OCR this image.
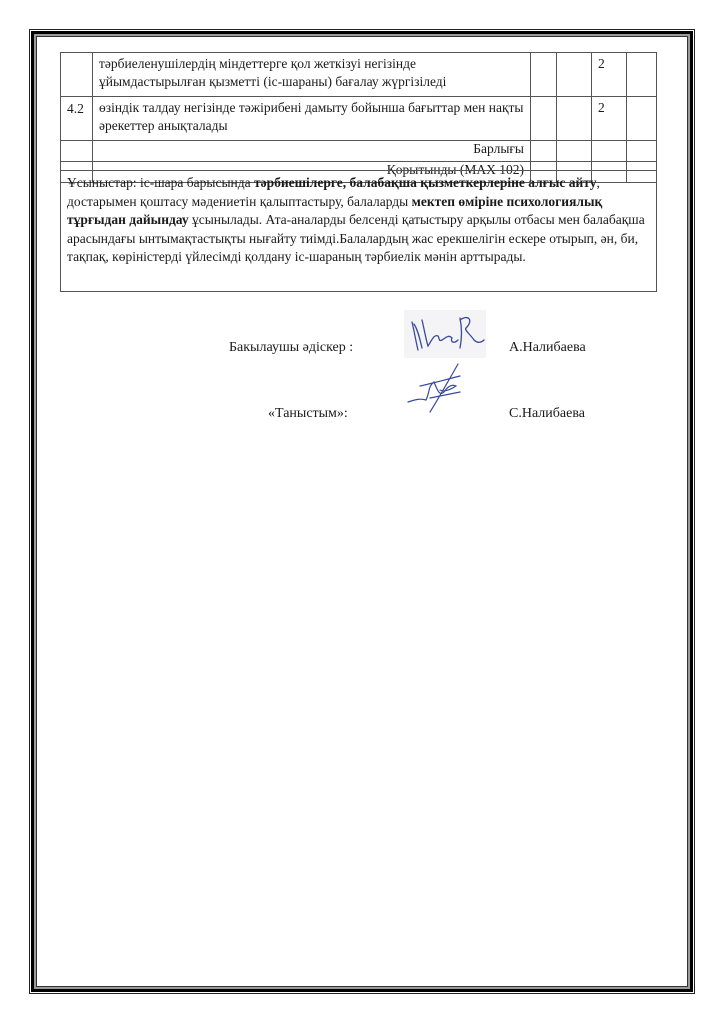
	тәрбиеленушілердің міндеттерге қол жеткізуі негізінде ұйымдастырылған қызметті (іс-шараны) бағалау жүргізіледі			2	
4.2	өзіндік талдау негізінде тәжірибені дамыту бойынша бағыттар мен нақты әрекеттер анықталады			2	
	Барлығы				
	Қорытынды (MAX 102)				
Ұсыныстар: іс-шара барысында тәрбиешілерге, балабақша қызметкерлеріне алғыс айту, достарымен қоштасу мәдениетін қалыптастыру, балаларды мектеп өміріне психологиялық тұрғыдан дайындау ұсынылады. Ата-аналарды белсенді қатыстыру арқылы отбасы мен балабақша арасындағы ынтымақтастықты нығайту тиімді.Балалардың жас ерекшелігін ескере отырып, ән, би, тақпақ, көріністерді үйлесімді қолдану іс-шараның тәрбиелік мәнін арттырады.
Бакылаушы әдіскер :	А.Налибаева
«Таныстым»:	С.Налибаева
